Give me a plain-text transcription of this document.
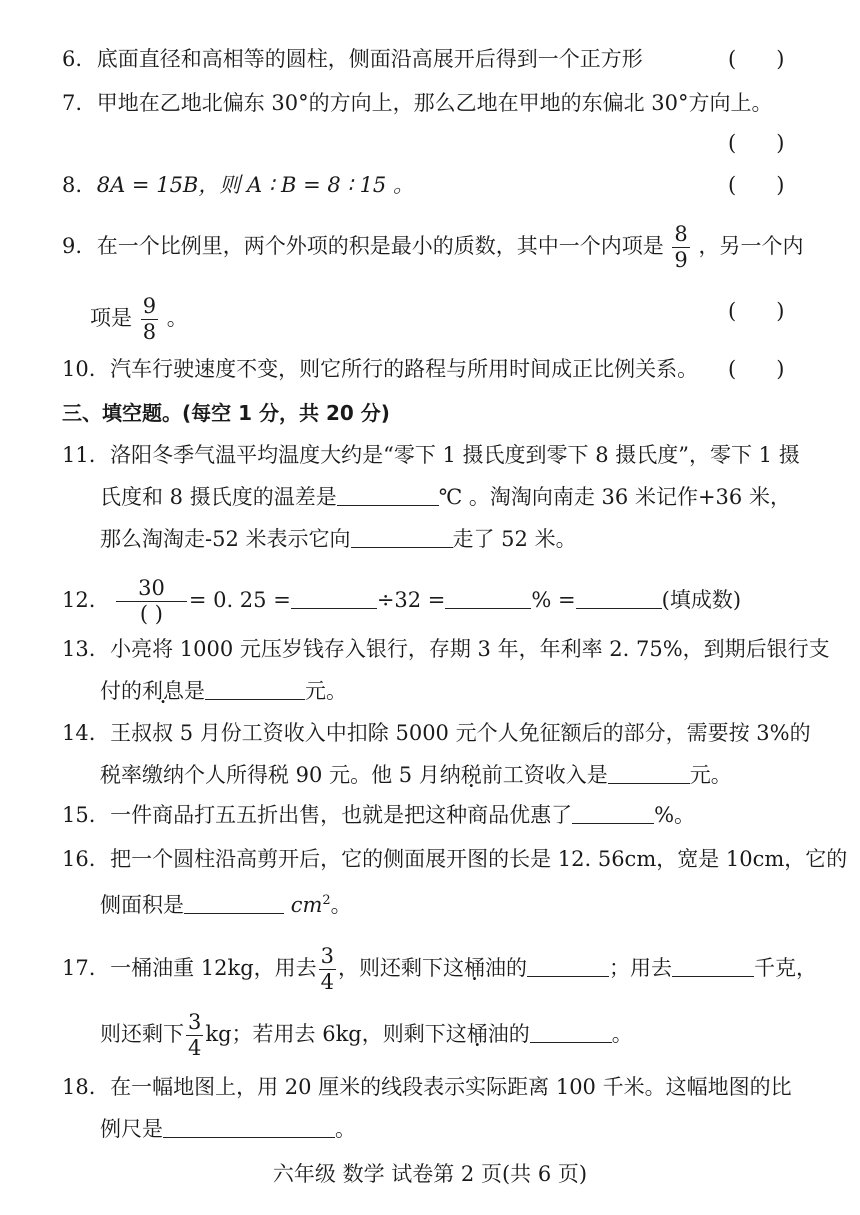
6. 底面直径和高相等的圆柱，侧面沿高展开后得到一个正方形	(      )
7. 甲地在乙地北偏东 30°的方向上，那么乙地在甲地的东偏北 30°方向上。
(      )
8. 8A = 15B，则 A ∶ B = 8 ∶ 15 。	(      )
9. 在一个比例里，两个外项的积是最小的质数，其中一个内项是 $\frac{8}{9}$ ，另一个内
项是 $\frac{9}{8}$ 。	(      )
10. 汽车行驶速度不变，则它所行的路程与所用时间成正比例关系。 (      )
三、填空题。(每空 1 分，共 20 分)
11. 洛阳冬季气温平均温度大约是“零下 1 摄氏度到零下 8 摄氏度”，零下 1 摄
氏度和 8 摄氏度的温差是	℃ 。淘淘向南走 36 米记作+36 米，
那么淘淘走-52 米表示它向	走了 52 米。
12. $\frac{30}{( )} = 0$. 25 =	÷32 =	% =	(填成数)
13. 小亮将 1000 元压岁钱存入银行，存期 3 年，年利率 2. 75%，到期后银行支
付的利息是	元。
14. 王叔叔 5 月份工资收入中扣除 5000 元个人免征额后的部分，需要按 3%的
税率缴纳个人所得税 90 元。他 5 月纳税前工资收入是	元。
15. 一件商品打五五折出售，也就是把这种商品优惠了	%。
16. 把一个圆柱沿高剪开后，它的侧面展开图的长是 12. 56cm，宽是 10cm，它的
侧面积是	$cm^2$。
17. 一桶油重 12kg，用去 $\frac{3}{4}$ ，则还剩下这桶油的	；用去	千克，
则还剩下 $\frac{3}{4}$ kg；若用去 6kg，则剩下这桶油的	。
18. 在一幅地图上，用 20 厘米的线段表示实际距离 100 千米。这幅地图的比
例尺是	。
六年级 数学 试卷第 2 页(共 6 页)
